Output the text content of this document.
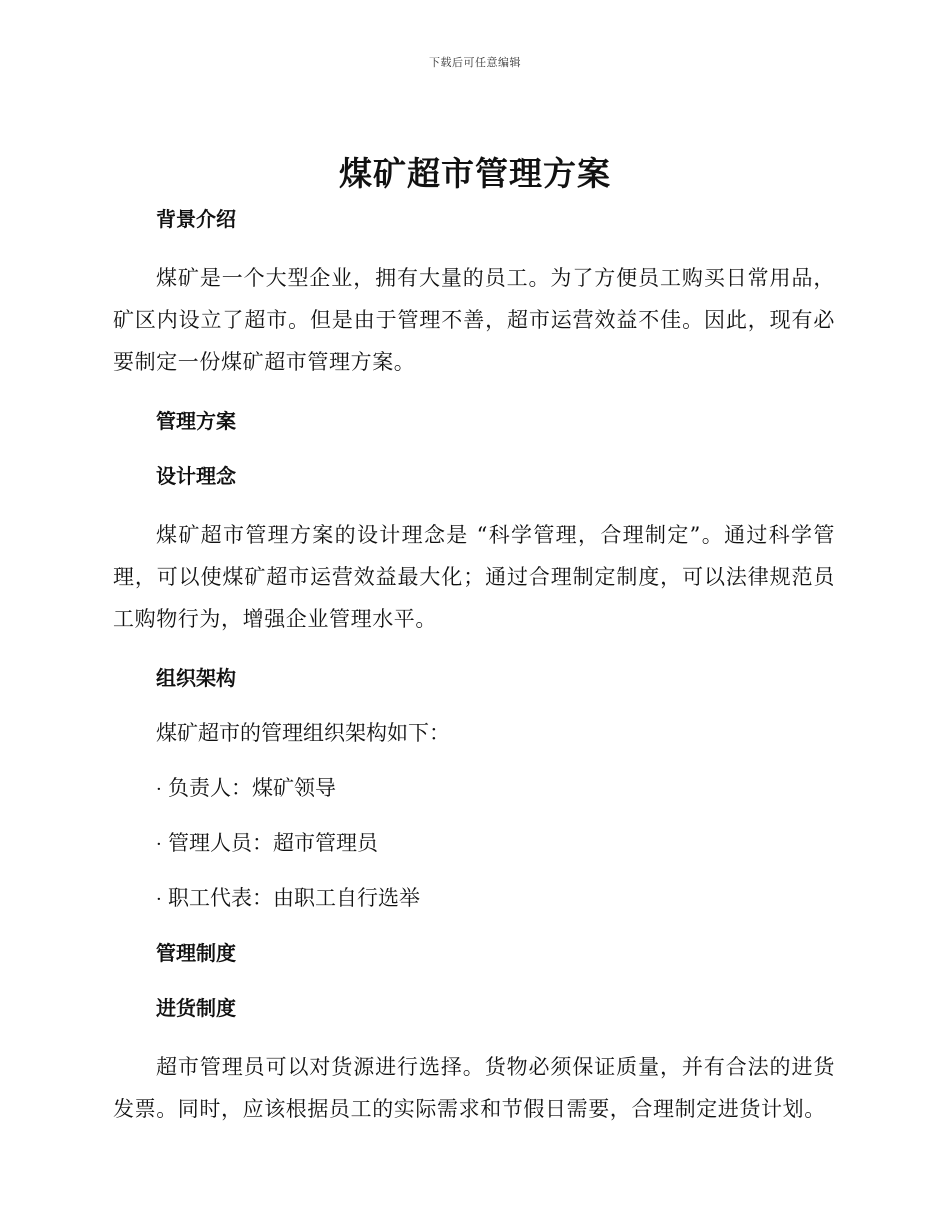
下载后可任意编辑
煤矿超市管理方案
背景介绍

煤矿是一个大型企业，拥有大量的员工。为了方便员工购买日常用品，矿区内设立了超市。但是由于管理不善，超市运营效益不佳。因此，现有必要制定一份煤矿超市管理方案。

管理方案
设计理念

煤矿超市管理方案的设计理念是 “科学管理，合理制定”。通过科学管理，可以使煤矿超市运营效益最大化；通过合理制定制度，可以法律规范员工购物行为，增强企业管理水平。

组织架构
煤矿超市的管理组织架构如下：
· 负责人：煤矿领导
· 管理人员：超市管理员
· 职工代表：由职工自行选举
管理制度
进货制度

超市管理员可以对货源进行选择。货物必须保证质量，并有合法的进货发票。同时，应该根据员工的实际需求和节假日需要，合理制定进货计划。
